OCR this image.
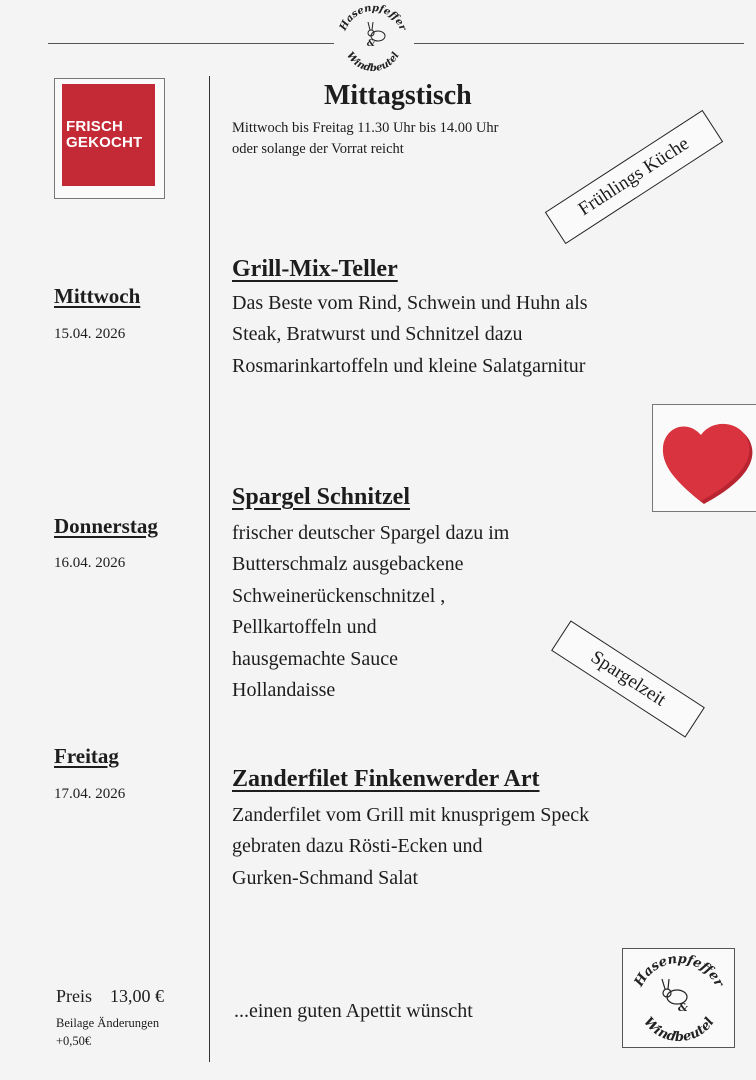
Hasenpfeffer
Windbeutel
&
FRISCH
GEKOCHT
Mittagstisch
Mittwoch bis Freitag 11.30 Uhr bis 14.00 Uhr
oder solange der Vorrat reicht	Frühlings Küche
Spargelzeit
Mittwoch
15.04. 2026
Grill-Mix-Teller
Das Beste vom Rind, Schwein und Huhn als
Steak, Bratwurst und Schnitzel dazu
Rosmarinkartoffeln und kleine Salatgarnitur
Donnerstag
16.04. 2026
Spargel Schnitzel
frischer deutscher Spargel dazu im
Butterschmalz ausgebackene
Schweinerückenschnitzel ,
Pellkartoffeln und
hausgemachte Sauce
Hollandaisse
Freitag
17.04. 2026
Zanderfilet Finkenwerder Art
Zanderfilet vom Grill mit knusprigem Speck
gebraten dazu Rösti-Ecken und
Gurken-Schmand Salat
Preis    13,00 €
Beilage Änderungen
+0,50€
...einen guten Apettit wünscht
Hasenpfeffer
Windbeutel
&
